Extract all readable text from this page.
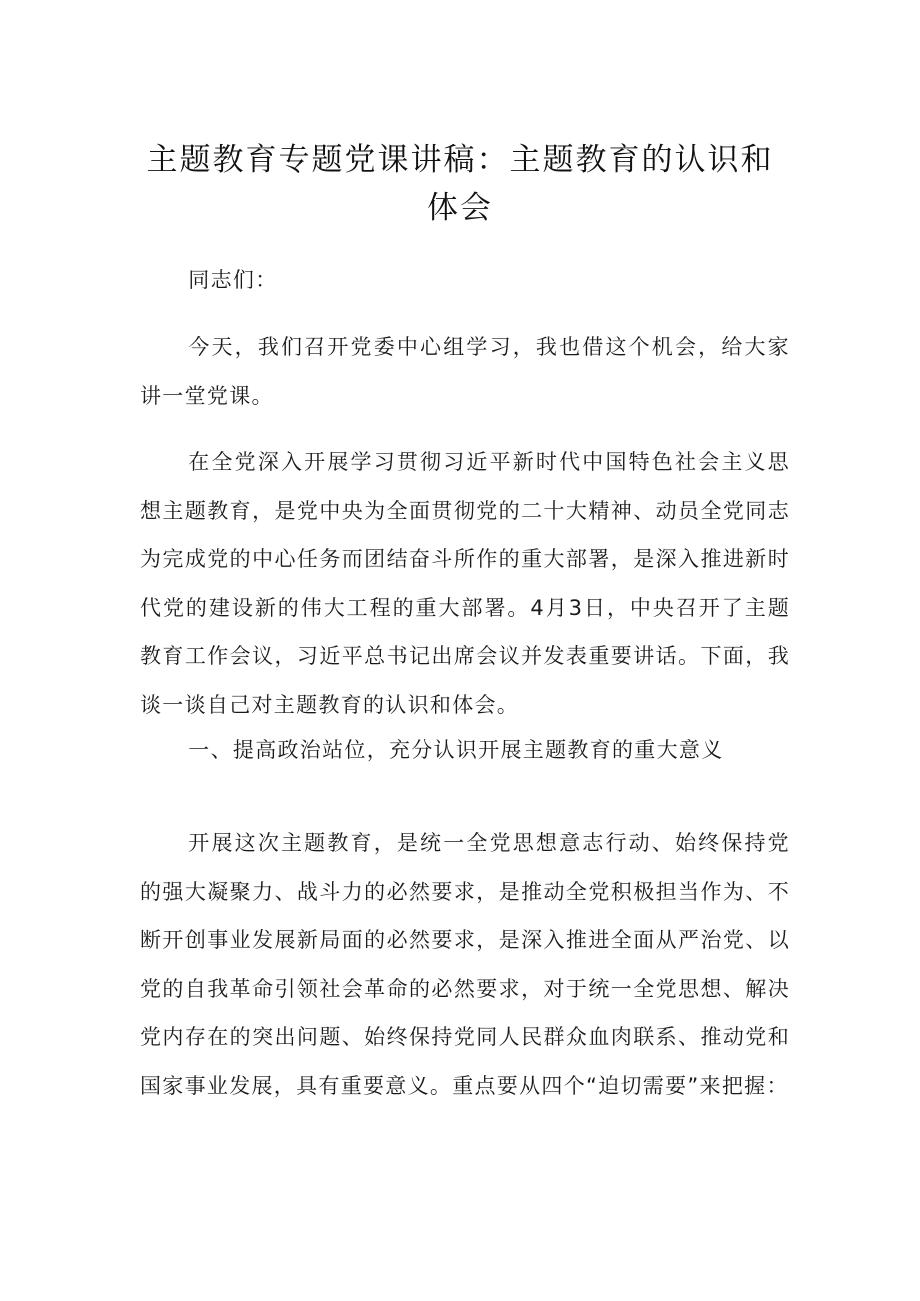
主题教育专题党课讲稿：主题教育的认识和
体会

同志们：

今天，我们召开党委中心组学习，我也借这个机会，给大家讲一堂党课。

在全党深入开展学习贯彻习近平新时代中国特色社会主义思想主题教育，是党中央为全面贯彻党的二十大精神、动员全党同志为完成党的中心任务而团结奋斗所作的重大部署，是深入推进新时代党的建设新的伟大工程的重大部署。4月3日，中央召开了主题教育工作会议，习近平总书记出席会议并发表重要讲话。下面，我谈一谈自己对主题教育的认识和体会。

一、提高政治站位，充分认识开展主题教育的重大意义

开展这次主题教育，是统一全党思想意志行动、始终保持党的强大凝聚力、战斗力的必然要求，是推动全党积极担当作为、不断开创事业发展新局面的必然要求，是深入推进全面从严治党、以党的自我革命引领社会革命的必然要求，对于统一全党思想、解决党内存在的突出问题、始终保持党同人民群众血肉联系、推动党和国家事业发展，具有重要意义。重点要从四个“迫切需要”来把握：
